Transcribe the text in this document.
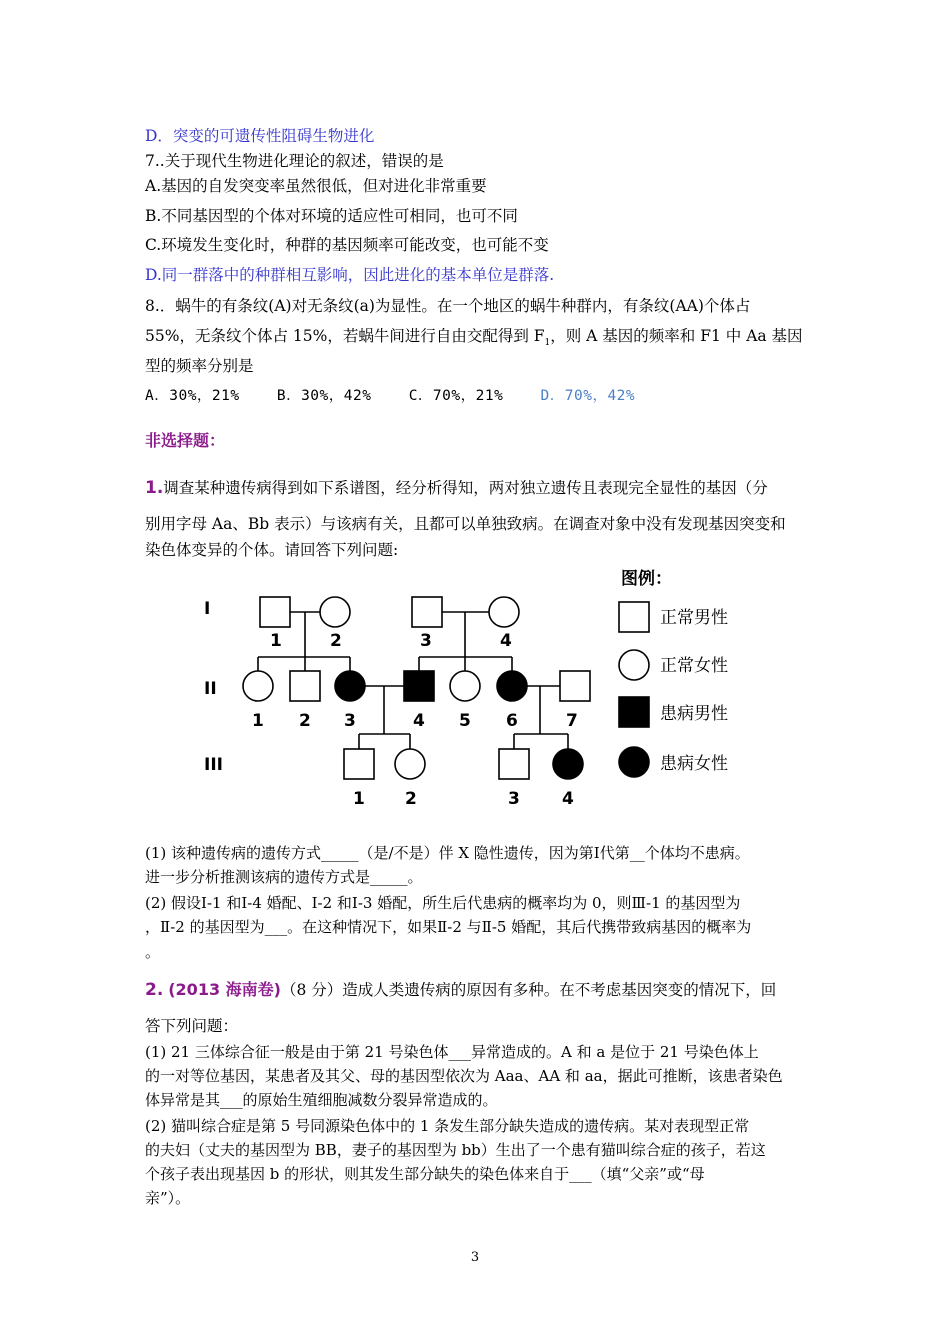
D．突变的可遗传性阻碍生物进化
7..关于现代生物进化理论的叙述，错误的是
A.基因的自发突变率虽然很低，但对进化非常重要
B.不同基因型的个体对环境的适应性可相同，也可不同
C.环境发生变化时，种群的基因频率可能改变，也可能不变
D.同一群落中的种群相互影响，因此进化的基本单位是群落.
8.．蜗牛的有条纹(A)对无条纹(a)为显性。在一个地区的蜗牛种群内，有条纹(AA)个体占
55%，无条纹个体占 15%，若蜗牛间进行自由交配得到 $F_1$，则 A 基因的频率和 F1 中 Aa 基因
型的频率分别是
A．30%，21%	B．30%，42%	C．70%，21%	D．70%，42%
非选择题：
1.调查某种遗传病得到如下系谱图，经分析得知，两对独立遗传且表现完全显性的基因（分
别用字母 Aa、Bb 表示）与该病有关，且都可以单独致病。在调查对象中没有发现基因突变和
染色体变异的个体。请回答下列问题:
I
II
III
1	2	3	4
1 2 3	4 5 6	7
1 2	3 4
图例：
正常男性
正常女性
患病男性
患病女性
(1) 该种遗传病的遗传方式_____（是/不是）伴 X 隐性遗传，因为第Ⅰ代第__个体均不患病。
进一步分析推测该病的遗传方式是_____。
(2) 假设Ⅰ-1 和Ⅰ-4 婚配、Ⅰ-2 和Ⅰ-3 婚配，所生后代患病的概率均为 0，则Ⅲ-1 的基因型为
，Ⅱ-2 的基因型为___。在这种情况下，如果Ⅱ-2 与Ⅱ-5 婚配，其后代携带致病基因的概率为
。
2. (2013 海南卷)（8 分）造成人类遗传病的原因有多种。在不考虑基因突变的情况下，回
答下列问题：
(1) 21 三体综合征一般是由于第 21 号染色体___异常造成的。A 和 a 是位于 21 号染色体上
的一对等位基因，某患者及其父、母的基因型依次为 Aaa、AA 和 aa，据此可推断，该患者染色
体异常是其___的原始生殖细胞减数分裂异常造成的。
(2) 猫叫综合症是第 5 号同源染色体中的 1 条发生部分缺失造成的遗传病。某对表现型正常
的夫妇（丈夫的基因型为 BB，妻子的基因型为 bb）生出了一个患有猫叫综合症的孩子，若这
个孩子表出现基因 b 的形状，则其发生部分缺失的染色体来自于___（填“父亲”或“母
亲”）。
3
